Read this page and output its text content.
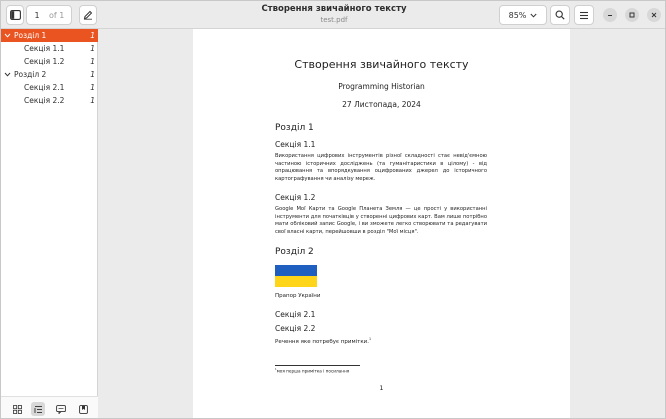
1	of 1
Створення звичайного тексту
test.pdf
85%
Розділ 1	1
Секція 1.1	1
Секція 1.2	1
Розділ 2	1
Секція 2.1	1
Секція 2.2	1
Створення звичайного тексту
Programming Historian
27 Листопада, 2024
Розділ 1
Секція 1.1
Використання цифрових інструментів різної складності стає невід'ємною частиною історичних досліджень (та гуманітаристики в цілому) - від опрацювання та впорядкування оцифрованих джерел до історичного картографування чи аналізу мереж.
Секція 1.2
Google Мої Карти та Google Планета Земля — це прості у використанні інструменти для початківців у створенні цифрових карт. Вам лише потрібно мати обліковий запис Google, і ви зможете легко створювати та редагувати свої власні карти, перейшовши в розділ "Мої місця".
Розділ 2
Прапор України
Секція 2.1
Секція 2.2
Речення яке потребує примітки.$^1$
$^1$моя перша примітка і посилання
1
